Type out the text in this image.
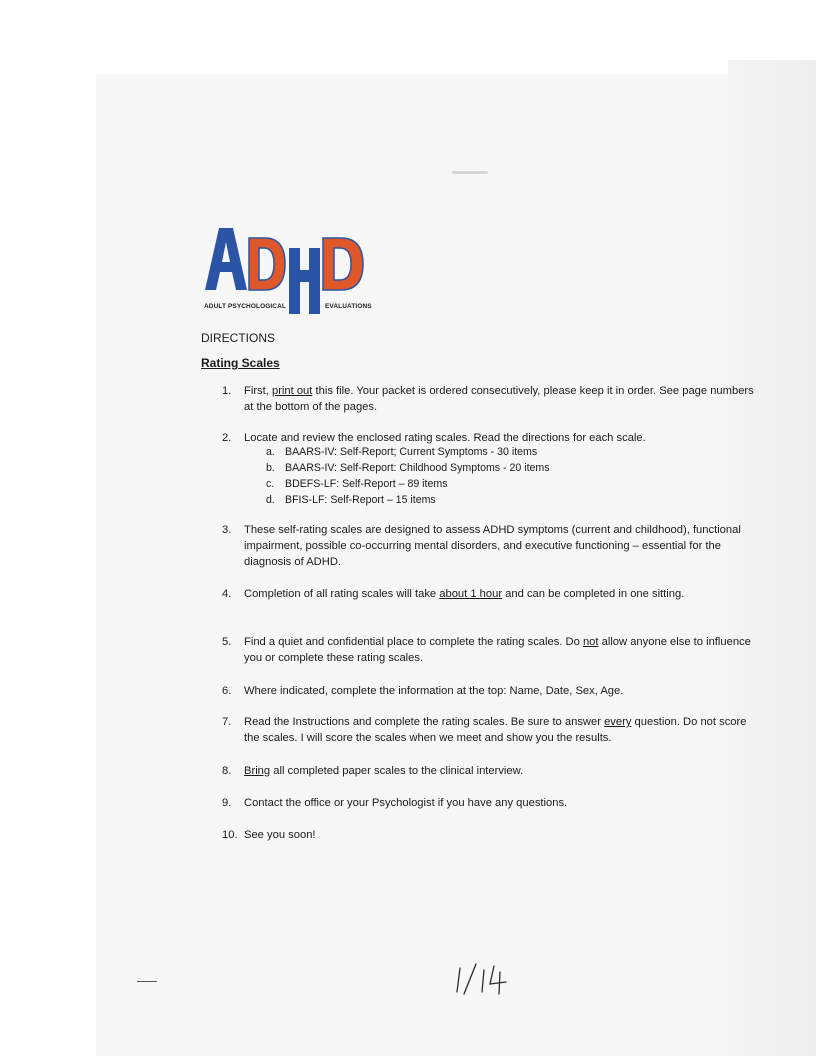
ADULT PSYCHOLOGICAL	EVALUATIONS
DIRECTIONS
Rating Scales
1. First, print out this file. Your packet is ordered consecutively, please keep it in order. See page numbers at the bottom of the pages.
2. Locate and review the enclosed rating scales. Read the directions for each scale.
a. BAARS-IV: Self-Report; Current Symptoms - 30 items
b. BAARS-IV: Self-Report: Childhood Symptoms - 20 items
c. BDEFS-LF: Self-Report – 89 items
d. BFIS-LF: Self-Report – 15 items
3. These self-rating scales are designed to assess ADHD symptoms (current and childhood), functional impairment, possible co-occurring mental disorders, and executive functioning – essential for the diagnosis of ADHD.
4. Completion of all rating scales will take about 1 hour and can be completed in one sitting.
5. Find a quiet and confidential place to complete the rating scales. Do not allow anyone else to influence you or complete these rating scales.
6. Where indicated, complete the information at the top: Name, Date, Sex, Age.
7. Read the Instructions and complete the rating scales. Be sure to answer every question. Do not score the scales. I will score the scales when we meet and show you the results.
8. Bring all completed paper scales to the clinical interview.
9. Contact the office or your Psychologist if you have any questions.
10. See you soon!
1/14
